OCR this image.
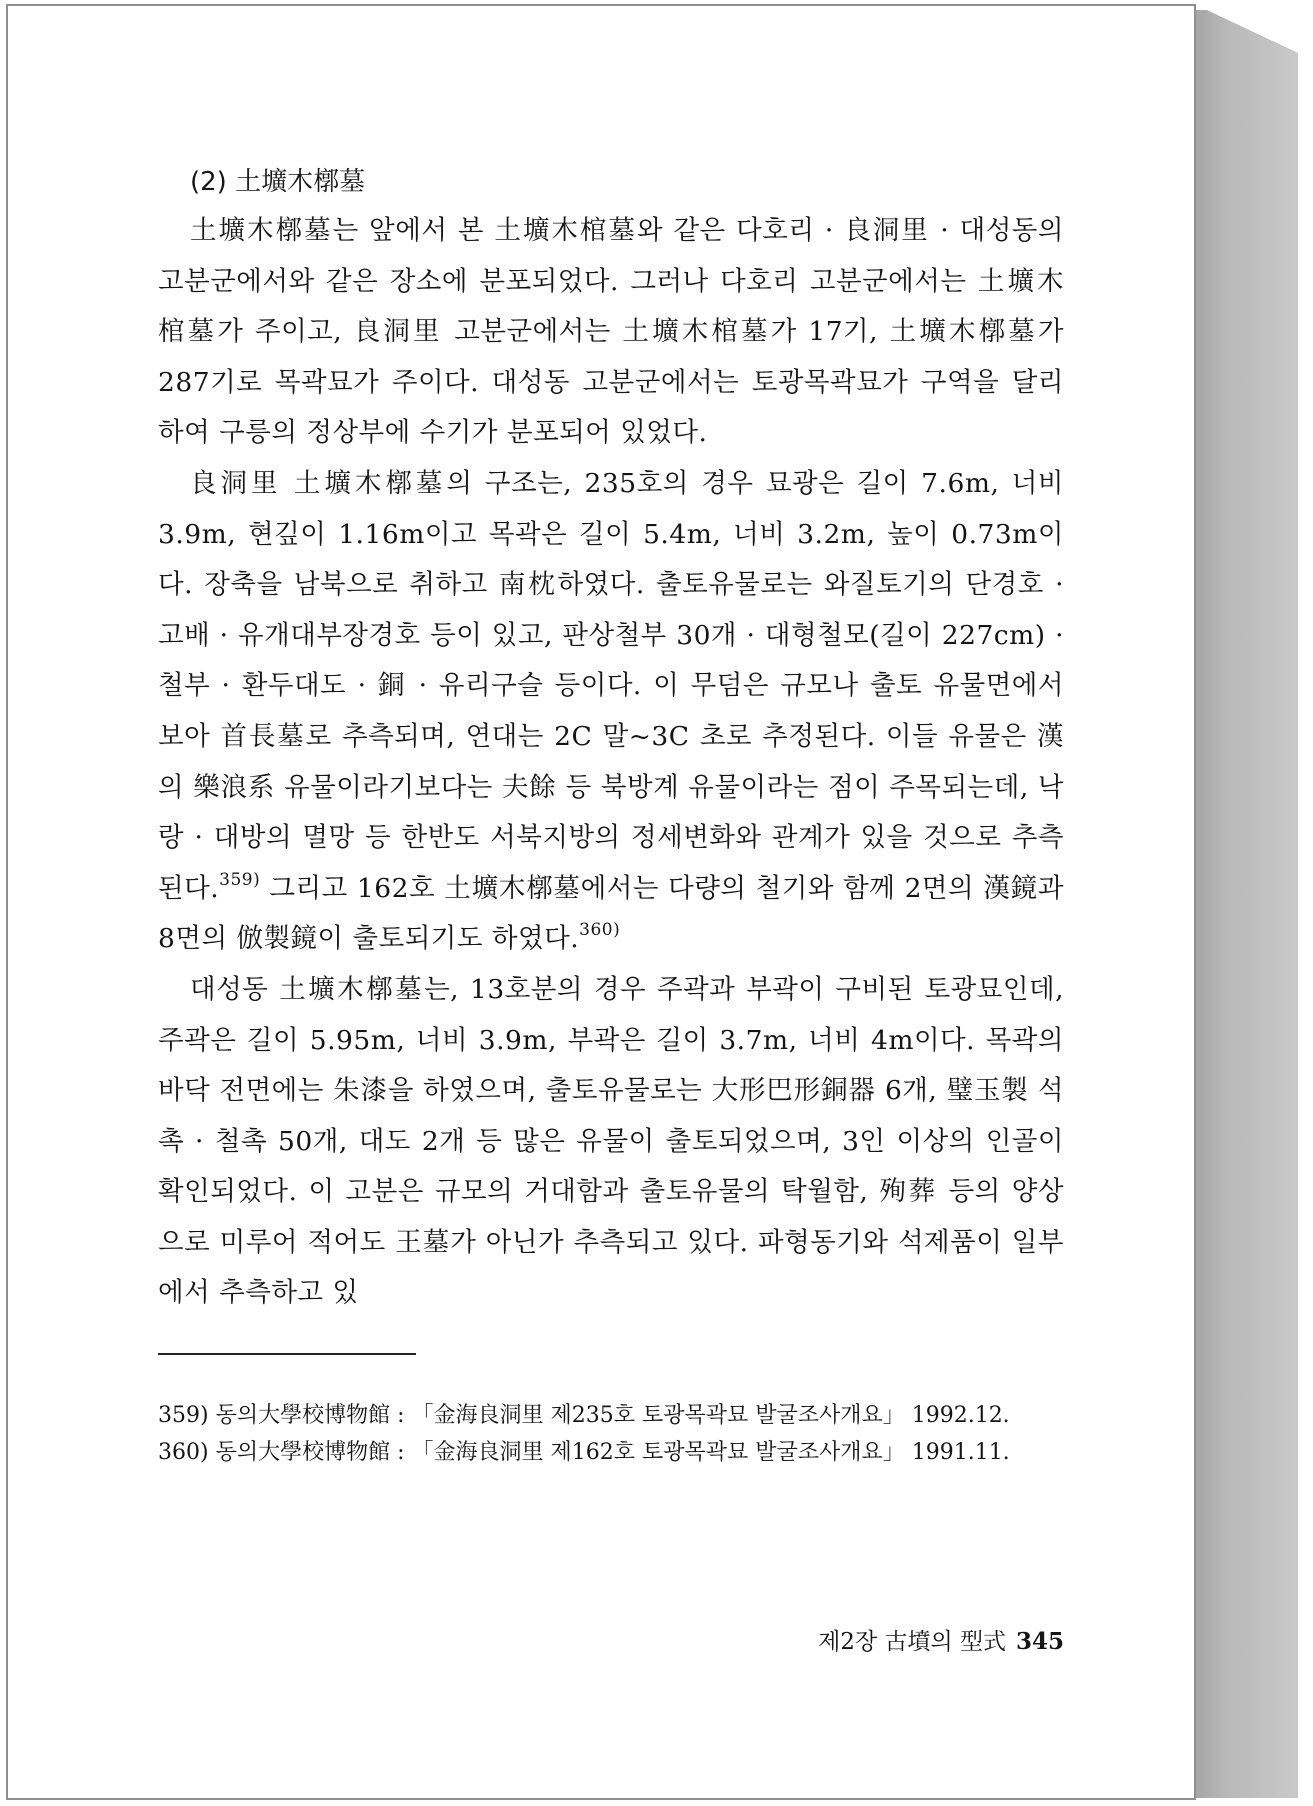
(2) 土壙木槨墓

土壙木槨墓는 앞에서 본 土壙木棺墓와 같은 다호리 · 良洞里 · 대성동의 고분군에서와 같은 장소에 분포되었다. 그러나 다호리 고분군에서는 土壙木棺墓가 주이고, 良洞里 고분군에서는 土壙木棺墓가 17기, 土壙木槨墓가 287기로 목곽묘가 주이다. 대성동 고분군에서는 토광목곽묘가 구역을 달리하여 구릉의 정상부에 수기가 분포되어 있었다.

良洞里 土壙木槨墓의 구조는, 235호의 경우 묘광은 길이 7.6m, 너비 3.9m, 현깊이 1.16m이고 목곽은 길이 5.4m, 너비 3.2m, 높이 0.73m이다. 장축을 남북으로 취하고 南枕하였다. 출토유물로는 와질토기의 단경호 · 고배 · 유개대부장경호 등이 있고, 판상철부 30개 · 대형철모(길이 227cm) · 철부 · 환두대도 · 銅 · 유리구슬 등이다. 이 무덤은 규모나 출토 유물면에서 보아 首長墓로 추측되며, 연대는 2C 말~3C 초로 추정된다. 이들 유물은 漢의 樂浪系 유물이라기보다는 夫餘 등 북방계 유물이라는 점이 주목되는데, 낙랑 · 대방의 멸망 등 한반도 서북지방의 정세변화와 관계가 있을 것으로 추측된다.$^{359)}$ 그리고 162호 土壙木槨墓에서는 다량의 철기와 함께 2면의 漢鏡과 8면의 倣製鏡이 출토되기도 하였다.$^{360)}$

대성동 土壙木槨墓는, 13호분의 경우 주곽과 부곽이 구비된 토광묘인데, 주곽은 길이 5.95m, 너비 3.9m, 부곽은 길이 3.7m, 너비 4m이다. 목곽의 바닥 전면에는 朱漆을 하였으며, 출토유물로는 大形巴形銅器 6개, 璧玉製 석촉 · 철촉 50개, 대도 2개 등 많은 유물이 출토되었으며, 3인 이상의 인골이 확인되었다. 이 고분은 규모의 거대함과 출토유물의 탁월함, 殉葬 등의 양상으로 미루어 적어도 王墓가 아닌가 추측되고 있다. 파형동기와 석제품이 일부에서 추측하고 있

359) 동의大學校博物館 : 「金海良洞里 제235호 토광목곽묘 발굴조사개요」 1992.12.

360) 동의大學校博物館 : 「金海良洞里 제162호 토광목곽묘 발굴조사개요」 1991.11.

제2장 古墳의 型式 345
